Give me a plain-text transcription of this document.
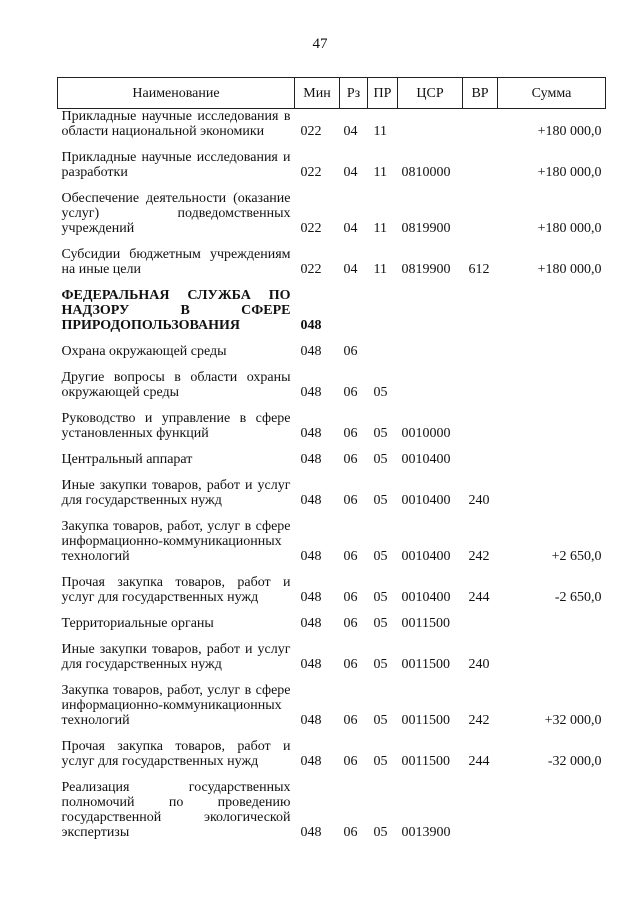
47
Наименование	Мин	Рз	ПР	ЦСР	ВР	Сумма
Прикладные научные исследования в области национальной экономики	022	04	11			+180 000,0

Прикладные научные исследования и разработки	022	04	11	0810000		+180 000,0

Обеспечение деятельности (оказание услуг) подведомственных учреждений	022	04	11	0819900		+180 000,0

Субсидии бюджетным учреждениям на иные цели	022	04	11	0819900	612	+180 000,0

ФЕДЕРАЛЬНАЯ СЛУЖБА ПО НАДЗОРУ В СФЕРЕ ПРИРОДОПОЛЬЗОВАНИЯ	048					

Охрана окружающей среды	048	06				

Другие вопросы в области охраны окружающей среды	048	06	05			

Руководство и управление в сфере установленных функций	048	06	05	0010000		

Центральный аппарат	048	06	05	0010400		

Иные закупки товаров, работ и услуг для государственных нужд	048	06	05	0010400	240	

Закупка товаров, работ, услуг в сфере информационно-коммуникационных технологий	048	06	05	0010400	242	+2 650,0

Прочая закупка товаров, работ и услуг для государственных нужд	048	06	05	0010400	244	-2 650,0

Территориальные органы	048	06	05	0011500		

Иные закупки товаров, работ и услуг для государственных нужд	048	06	05	0011500	240	

Закупка товаров, работ, услуг в сфере информационно-коммуникационных технологий	048	06	05	0011500	242	+32 000,0

Прочая закупка товаров, работ и услуг для государственных нужд	048	06	05	0011500	244	-32 000,0

Реализация государственных полномочий по проведению государственной экологической экспертизы	048	06	05	0013900		
